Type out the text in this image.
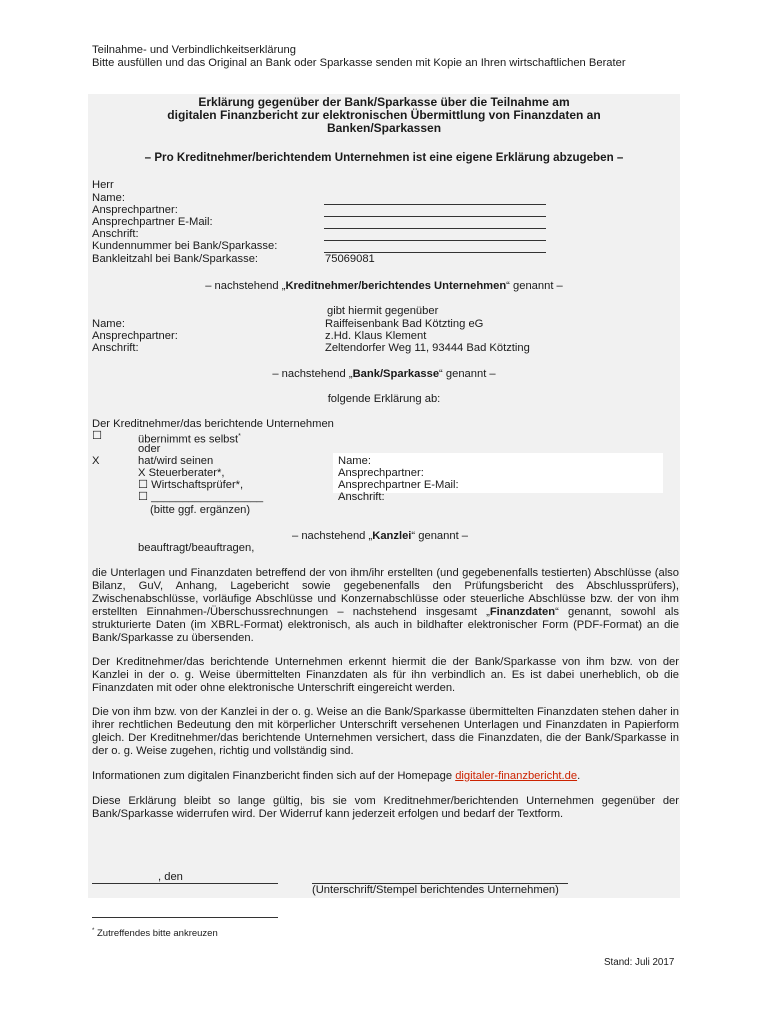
Teilnahme- und Verbindlichkeitserklärung
Bitte ausfüllen und das Original an Bank oder Sparkasse senden mit Kopie an Ihren wirtschaftlichen Berater
Erklärung gegenüber der Bank/Sparkasse über die Teilnahme am
digitalen Finanzbericht zur elektronischen Übermittlung von Finanzdaten an
Banken/Sparkassen
– Pro Kreditnehmer/berichtendem Unternehmen ist eine eigene Erklärung abzugeben –
Herr
Name:
Ansprechpartner:
Ansprechpartner E-Mail:
Anschrift:
Kundennummer bei Bank/Sparkasse:
Bankleitzahl bei Bank/Sparkasse:	75069081
– nachstehend „Kreditnehmer/berichtendes Unternehmen“ genannt –
gibt hiermit gegenüber
Name:	Raiffeisenbank Bad Kötzting eG
Ansprechpartner:	z.Hd. Klaus Klement
Anschrift:	Zeltendorfer Weg 11, 93444 Bad Kötzting
– nachstehend „Bank/Sparkasse“ genannt –
folgende Erklärung ab:
Der Kreditnehmer/das berichtende Unternehmen
☐	übernimmt es selbst*
oder
X	hat/wird seinen
X Steuerberater*,
☐ Wirtschaftsprüfer*,
☐ __________________
(bitte ggf. ergänzen)
Name:
Ansprechpartner:
Ansprechpartner E-Mail:
Anschrift:
– nachstehend „Kanzlei“ genannt –
beauftragt/beauftragen,
die Unterlagen und Finanzdaten betreffend der von ihm/ihr erstellten (und gegebenenfalls testierten) Abschlüsse (also Bilanz, GuV, Anhang, Lagebericht sowie gegebenenfalls den Prüfungsbericht des Abschlussprüfers), Zwischenabschlüsse, vorläufige Abschlüsse und Konzernabschlüsse oder steuerliche Abschlüsse bzw. der von ihm erstellten Einnahmen-/Überschussrechnungen – nachstehend insgesamt „Finanzdaten“ genannt, sowohl als strukturierte Daten (im XBRL-Format) elektronisch, als auch in bildhafter elektronischer Form (PDF-Format) an die Bank/Sparkasse zu übersenden.
Der Kreditnehmer/das berichtende Unternehmen erkennt hiermit die der Bank/Sparkasse von ihm bzw. von der Kanzlei in der o. g. Weise übermittelten Finanzdaten als für ihn verbindlich an. Es ist dabei unerheblich, ob die Finanzdaten mit oder ohne elektronische Unterschrift eingereicht werden.
Die von ihm bzw. von der Kanzlei in der o. g. Weise an die Bank/Sparkasse übermittelten Finanzdaten stehen daher in ihrer rechtlichen Bedeutung den mit körperlicher Unterschrift versehenen Unterlagen und Finanzdaten in Papierform gleich. Der Kreditnehmer/das berichtende Unternehmen versichert, dass die Finanzdaten, die der Bank/Sparkasse in der o. g. Weise zugehen, richtig und vollständig sind.
Informationen zum digitalen Finanzbericht finden sich auf der Homepage digitaler-finanzbericht.de.
Diese Erklärung bleibt so lange gültig, bis sie vom Kreditnehmer/berichtenden Unternehmen gegenüber der Bank/Sparkasse widerrufen wird. Der Widerruf kann jederzeit erfolgen und bedarf der Textform.
, den
(Unterschrift/Stempel berichtendes Unternehmen)
* Zutreffendes bitte ankreuzen
Stand: Juli 2017
